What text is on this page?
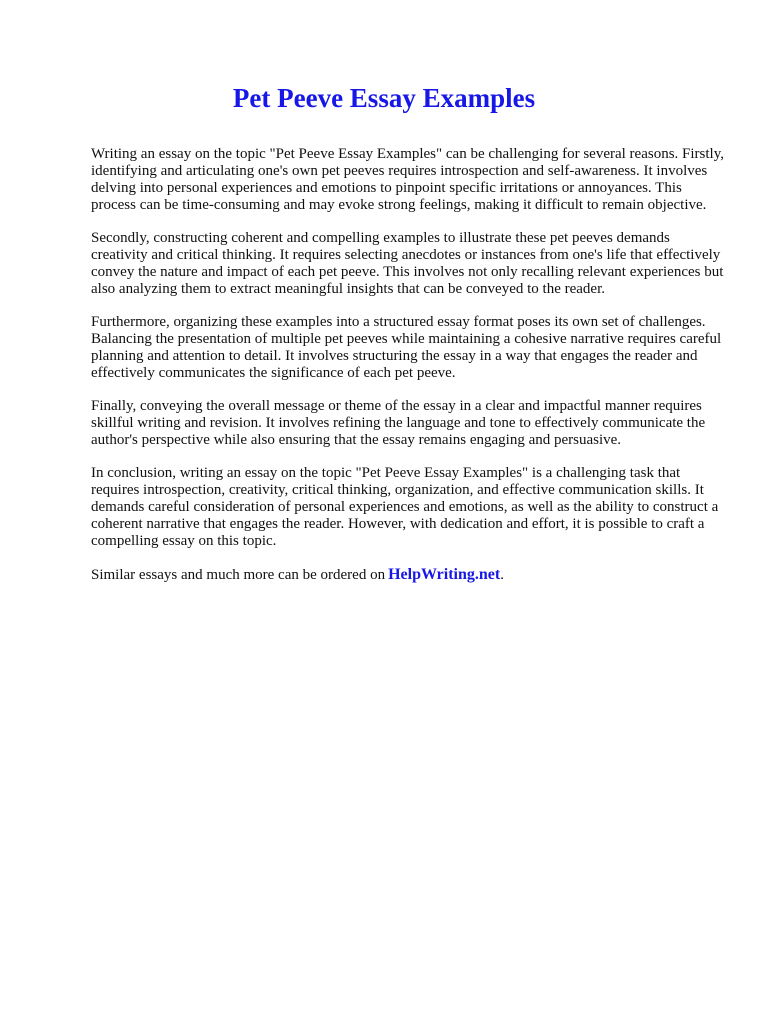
Pet Peeve Essay Examples

Writing an essay on the topic "Pet Peeve Essay Examples" can be challenging for several reasons. Firstly, identifying and articulating one's own pet peeves requires introspection and self-awareness. It involves delving into personal experiences and emotions to pinpoint specific irritations or annoyances. This process can be time-consuming and may evoke strong feelings, making it difficult to remain objective.

Secondly, constructing coherent and compelling examples to illustrate these pet peeves demands creativity and critical thinking. It requires selecting anecdotes or instances from one's life that effectively convey the nature and impact of each pet peeve. This involves not only recalling relevant experiences but also analyzing them to extract meaningful insights that can be conveyed to the reader.

Furthermore, organizing these examples into a structured essay format poses its own set of challenges. Balancing the presentation of multiple pet peeves while maintaining a cohesive narrative requires careful planning and attention to detail. It involves structuring the essay in a way that engages the reader and effectively communicates the significance of each pet peeve.

Finally, conveying the overall message or theme of the essay in a clear and impactful manner requires skillful writing and revision. It involves refining the language and tone to effectively communicate the author's perspective while also ensuring that the essay remains engaging and persuasive.

In conclusion, writing an essay on the topic "Pet Peeve Essay Examples" is a challenging task that requires introspection, creativity, critical thinking, organization, and effective communication skills. It demands careful consideration of personal experiences and emotions, as well as the ability to construct a coherent narrative that engages the reader. However, with dedication and effort, it is possible to craft a compelling essay on this topic.

Similar essays and much more can be ordered on HelpWriting.net.
